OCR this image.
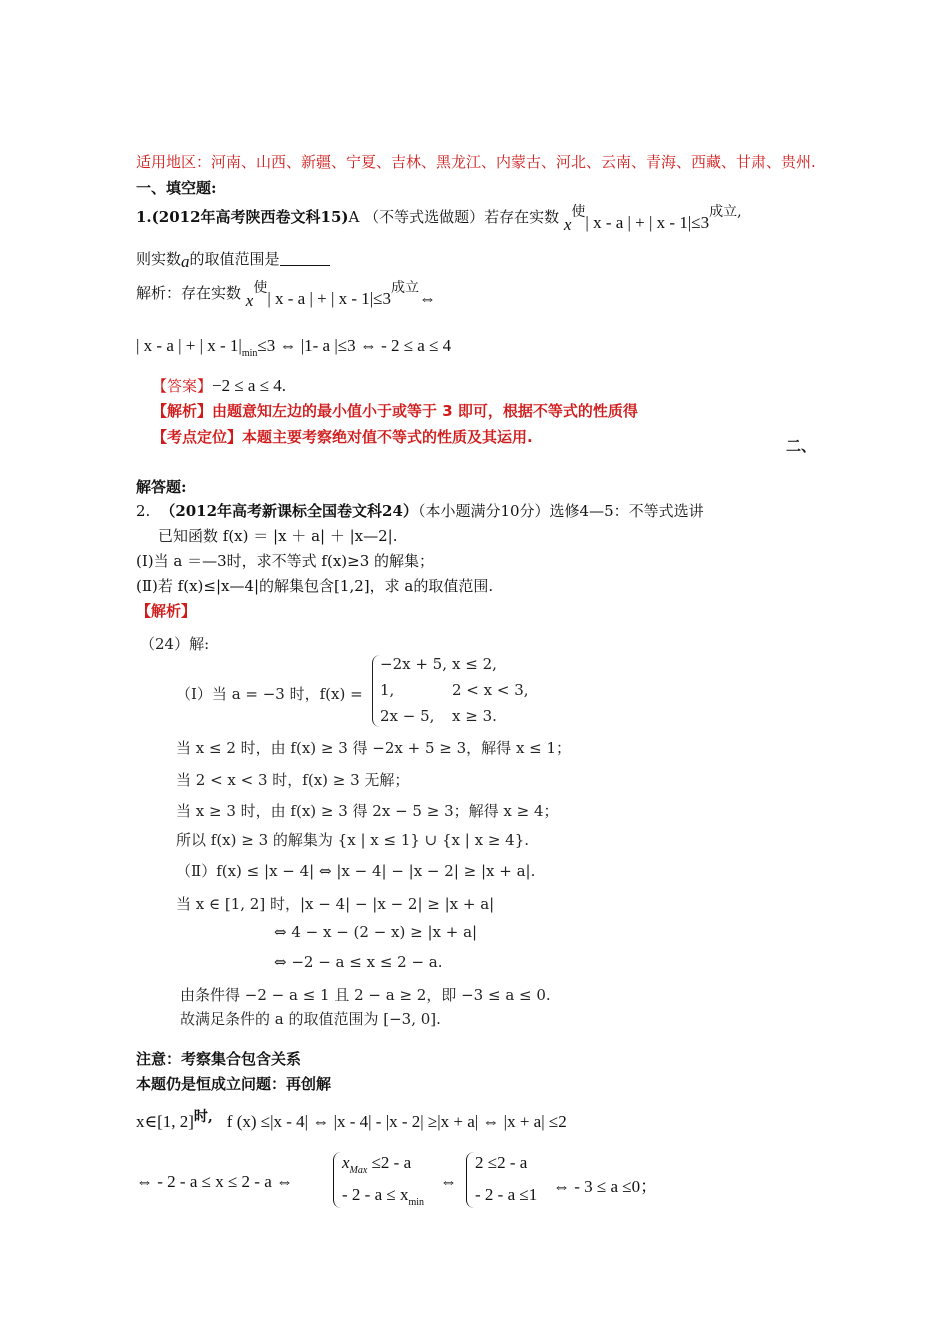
适用地区：河南、山西、新疆、宁夏、吉林、黑龙江、内蒙古、河北、云南、青海、西藏、甘肃、贵州.
一、填空题:
1.(2012年高考陕西卷文科15)A （不等式选做题）若存在实数 x使| x - a | + | x - 1|≤3成立,
则实数a的取值范围是
解析：存在实数 x使| x - a | + | x - 1|≤3成立⇔
| x - a | + | $x - 1|_{min}\le 3$ ⇔ |1- a |≤3 ⇔ - 2 ≤ a ≤ 4
【答案】−2 ≤ a ≤ 4.
【解析】由题意知左边的最小值小于或等于 3 即可，根据不等式的性质得
【考点定位】本题主要考察绝对值不等式的性质及其运用.	二、
解答题:
2. （2012年高考新课标全国卷文科24）（本小题满分10分）选修4—5：不等式选讲
已知函数 f(x) ＝ |x ＋ a| ＋ |x—2|.
(Ⅰ)当 a ＝—3时，求不等式 f(x)≥3 的解集；
(Ⅱ)若 f(x)≤|x—4|的解集包含[1,2]，求 a的取值范围.
【解析】
（24）解:
（Ⅰ）当 a = −3 时，f(x) =
−2x + 5, x ≤ 2,
1,	2 < x < 3,
2x − 5, x ≥ 3.
当 x ≤ 2 时，由 f(x) ≥ 3 得 −2x + 5 ≥ 3，解得 x ≤ 1；
当 2 < x < 3 时，f(x) ≥ 3 无解；
当 x ≥ 3 时，由 f(x) ≥ 3 得 2x − 5 ≥ 3；解得 x ≥ 4；
所以 f(x) ≥ 3 的解集为 {x | x ≤ 1} ∪ {x | x ≥ 4}.
（Ⅱ）f(x) ≤ |x − 4| ⇔ |x − 4| − |x − 2| ≥ |x + a|.
当 x ∈ [1, 2] 时，|x − 4| − |x − 2| ≥ |x + a|
⇔ 4 − x − (2 − x) ≥ |x + a|
⇔ −2 − a ≤ x ≤ 2 − a.
由条件得 −2 − a ≤ 1 且 2 − a ≥ 2，即 −3 ≤ a ≤ 0.
故满足条件的 a 的取值范围为 [−3, 0].
注意：考察集合包含关系
本题仍是恒成立问题：再创解
x∈[1, 2]$^{时,}$ f (x) ≤|x - 4| ⇔ |x - 4| - |x - 2| ≥|x + a| ⇔ |x + a| ≤2
⇔ - 2 - a ≤ x ≤ 2 - a ⇔
$x_{Max} \le 2 - a$
- $2 - a \le x_{min}$
⇔
2 ≤2 - a
- 2 - a ≤1 ⇔ - 3 ≤ a ≤0；
